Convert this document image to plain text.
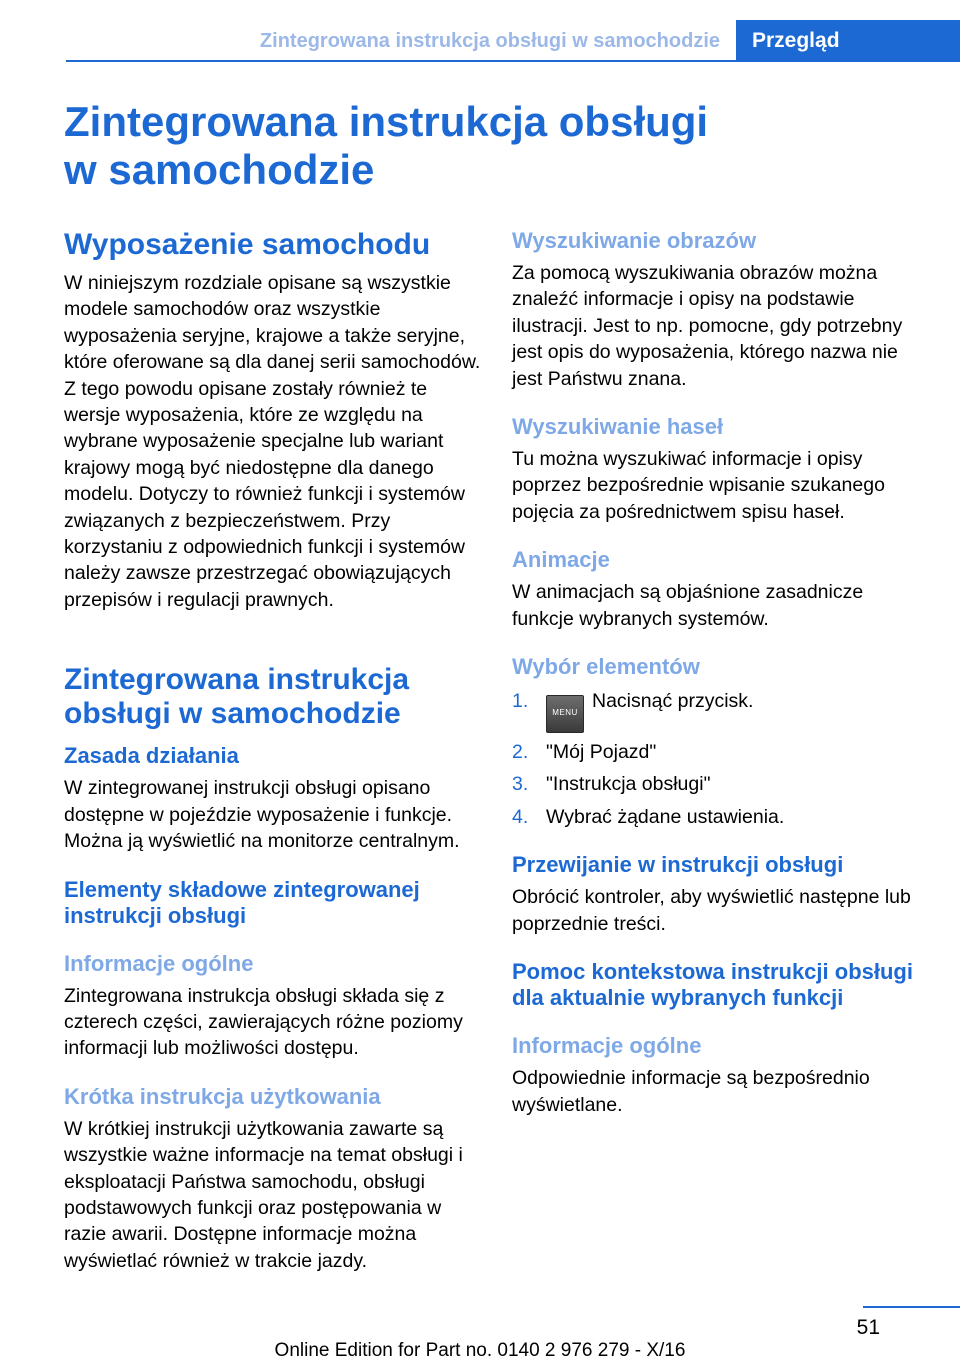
Zintegrowana instrukcja obsługi w samochodzie Przegląd
Zintegrowana instrukcja obsługi
w samochodzie
Wyposażenie samochodu

W niniejszym rozdziale opisane są wszystkie modele samochodów oraz wszystkie wyposażenia seryjne, krajowe a także seryjne, które oferowane są dla danej serii samochodów. Z tego powodu opisane zostały również te wersje wyposażenia, które ze względu na wybrane wyposażenie specjalne lub wariant krajowy mogą być niedostępne dla danego modelu. Dotyczy to również funkcji i systemów związanych z bezpieczeństwem. Przy korzystaniu z odpowiednich funkcji i systemów należy zawsze przestrzegać obowiązujących przepisów i regulacji prawnych.

Zintegrowana instrukcja obsługi w samochodzie
Zasada działania

W zintegrowanej instrukcji obsługi opisano dostępne w pojeździe wyposażenie i funkcje. Można ją wyświetlić na monitorze centralnym.

Elementy składowe zintegrowanej instrukcji obsługi
Informacje ogólne

Zintegrowana instrukcja obsługi składa się z czterech części, zawierających różne poziomy informacji lub możliwości dostępu.

Krótka instrukcja użytkowania

W krótkiej instrukcji użytkowania zawarte są wszystkie ważne informacje na temat obsługi i eksploatacji Państwa samochodu, obsługi podstawowych funkcji oraz postępowania w razie awarii. Dostępne informacje można wyświetlać również w trakcie jazdy.

Wyszukiwanie obrazów

Za pomocą wyszukiwania obrazów można znaleźć informacje i opisy na podstawie ilustracji. Jest to np. pomocne, gdy potrzebny jest opis do wyposażenia, którego nazwa nie jest Państwu znana.

Wyszukiwanie haseł

Tu można wyszukiwać informacje i opisy poprzez bezpośrednie wpisanie szukanego pojęcia za pośrednictwem spisu haseł.

Animacje

W animacjach są objaśnione zasadnicze funkcje wybranych systemów.

Wybór elementów
1.
MENUNacisnąć przycisk.
2. "Mój Pojazd"
3. "Instrukcja obsługi"
4. Wybrać żądane ustawienia.
Przewijanie w instrukcji obsługi

Obrócić kontroler, aby wyświetlić następne lub poprzednie treści.

Pomoc kontekstowa instrukcji obsługi dla aktualnie wybranych funkcji
Informacje ogólne

Odpowiednie informacje są bezpośrednio wyświetlane.

51
Online Edition for Part no. 0140 2 976 279 - X/16
